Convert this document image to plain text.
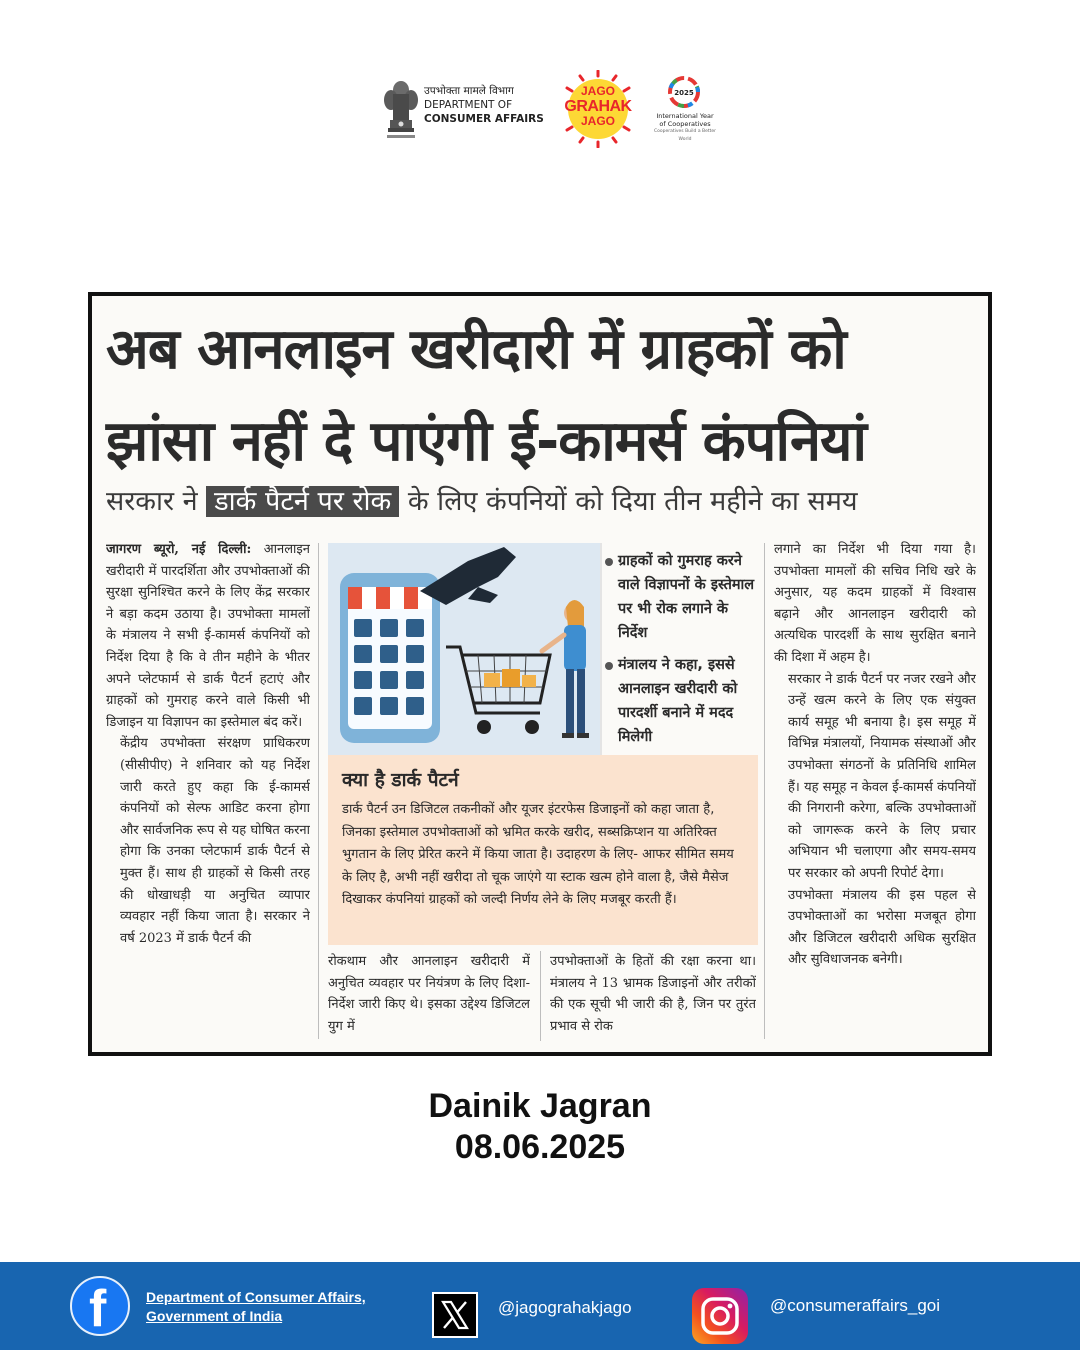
उपभोक्ता मामले विभाग
DEPARTMENT OF
CONSUMER AFFAIRS
JAGO
GRAHAK
JAGO
2025
International Year
of Cooperatives
Cooperatives Build a Better World
अब आनलाइन खरीदारी में ग्राहकों को
झांसा नहीं दे पाएंगी ई-कामर्स कंपनियां
सरकार ने डार्क पैटर्न पर रोक के लिए कंपनियों को दिया तीन महीने का समय
जागरण ब्यूरो, नई दिल्ली: आनलाइन खरीदारी में पारदर्शिता और उपभोक्ताओं की सुरक्षा सुनिश्चित करने के लिए केंद्र सरकार ने बड़ा कदम उठाया है। उपभोक्ता मामलों के मंत्रालय ने सभी ई-कामर्स कंपनियों को निर्देश दिया है कि वे तीन महीने के भीतर अपने प्लेटफार्म से डार्क पैटर्न हटाएं और ग्राहकों को गुमराह करने वाले किसी भी डिजाइन या विज्ञापन का इस्तेमाल बंद करें।
केंद्रीय उपभोक्ता संरक्षण प्राधिकरण (सीसीपीए) ने शनिवार को यह निर्देश जारी करते हुए कहा कि ई-कामर्स कंपनियों को सेल्फ आडिट करना होगा और सार्वजनिक रूप से यह घोषित करना होगा कि उनका प्लेटफार्म डार्क पैटर्न से मुक्त हैं। साथ ही ग्राहकों से किसी तरह की धोखाधड़ी या अनुचित व्यापार व्यवहार नहीं किया जाता है। सरकार ने वर्ष 2023 में डार्क पैटर्न की
ग्राहकों को गुमराह करने वाले विज्ञापनों के इस्तेमाल पर भी रोक लगाने के निर्देश
मंत्रालय ने कहा, इससे आनलाइन खरीदारी को पारदर्शी बनाने में मदद मिलेगी
क्या है डार्क पैटर्न
डार्क पैटर्न उन डिजिटल तकनीकों और यूजर इंटरफेस डिजाइनों को कहा जाता है, जिनका इस्तेमाल उपभोक्ताओं को भ्रमित करके खरीद, सब्सक्रिप्शन या अतिरिक्त भुगतान के लिए प्रेरित करने में किया जाता है। उदाहरण के लिए- आफर सीमित समय के लिए है, अभी नहीं खरीदा तो चूक जाएंगे या स्टाक खत्म होने वाला है, जैसे मैसेज दिखाकर कंपनियां ग्राहकों को जल्दी निर्णय लेने के लिए मजबूर करती हैं।
रोकथाम और आनलाइन खरीदारी में अनुचित व्यवहार पर नियंत्रण के लिए दिशा-निर्देश जारी किए थे। इसका उद्देश्य डिजिटल युग में
उपभोक्ताओं के हितों की रक्षा करना था। मंत्रालय ने 13 भ्रामक डिजाइनों और तरीकों की एक सूची भी जारी की है, जिन पर तुरंत प्रभाव से रोक
लगाने का निर्देश भी दिया गया है। उपभोक्ता मामलों की सचिव निधि खरे के अनुसार, यह कदम ग्राहकों में विश्वास बढ़ाने और आनलाइन खरीदारी को अत्यधिक पारदर्शी के साथ सुरक्षित बनाने की दिशा में अहम है।
सरकार ने डार्क पैटर्न पर नजर रखने और उन्हें खत्म करने के लिए एक संयुक्त कार्य समूह भी बनाया है। इस समूह में विभिन्न मंत्रालयों, नियामक संस्थाओं और उपभोक्ता संगठनों के प्रतिनिधि शामिल हैं। यह समूह न केवल ई-कामर्स कंपनियों की निगरानी करेगा, बल्कि उपभोक्ताओं को जागरूक करने के लिए प्रचार अभियान भी चलाएगा और समय-समय पर सरकार को अपनी रिपोर्ट देगा।
उपभोक्ता मंत्रालय की इस पहल से उपभोक्ताओं का भरोसा मजबूत होगा और डिजिटल खरीदारी अधिक सुरक्षित और सुविधाजनक बनेगी।
Dainik Jagran
08.06.2025
f	Department of Consumer Affairs,
Government of India	@jagograhakjago	@consumeraffairs_goi
